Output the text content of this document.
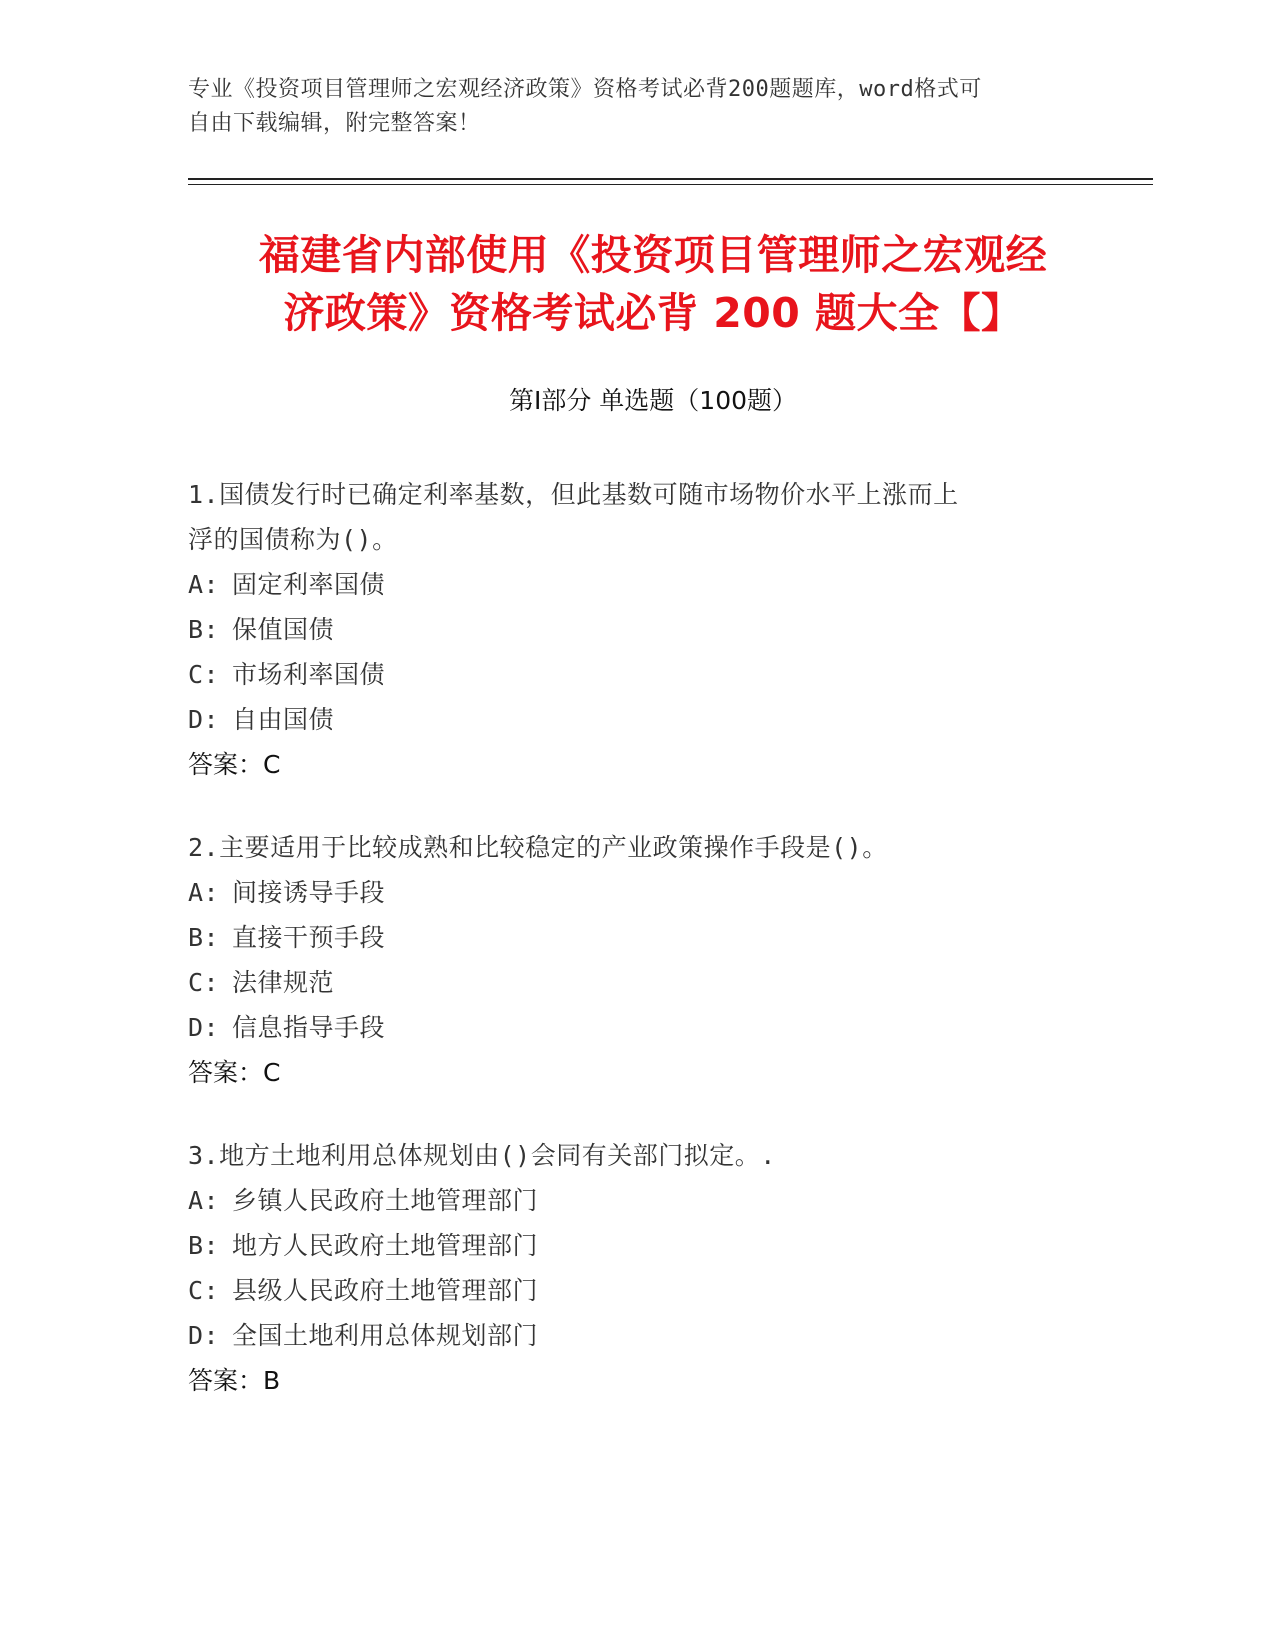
专业《投资项目管理师之宏观经济政策》资格考试必背200题题库，word格式可
自由下载编辑，附完整答案！
福建省内部使用《投资项目管理师之宏观经
济政策》资格考试必背 200 题大全【】
第Ⅰ部分 单选题（100题）
1.国债发行时已确定利率基数，但此基数可随市场物价水平上涨而上
浮的国债称为()。
A: 固定利率国债
B: 保值国债
C: 市场利率国债
D: 自由国债
答案：C
2.主要适用于比较成熟和比较稳定的产业政策操作手段是()。
A: 间接诱导手段
B: 直接干预手段
C: 法律规范
D: 信息指导手段
答案：C
3.地方土地利用总体规划由()会同有关部门拟定。.
A: 乡镇人民政府土地管理部门
B: 地方人民政府土地管理部门
C: 县级人民政府土地管理部门
D: 全国土地利用总体规划部门
答案：B
